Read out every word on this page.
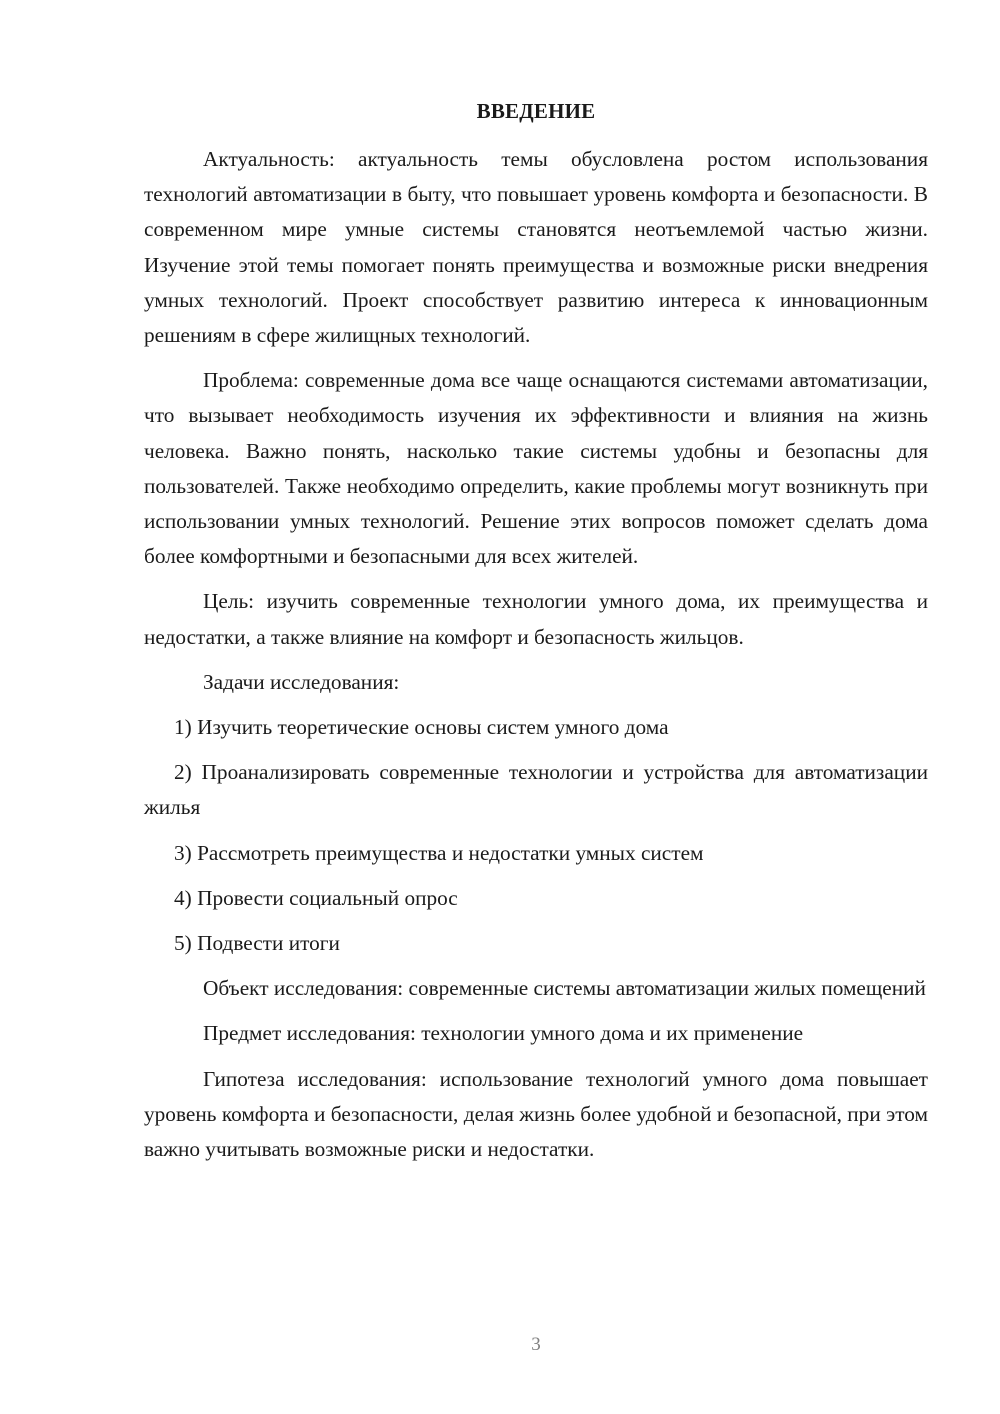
ВВЕДЕНИЕ

Актуальность: актуальность темы обусловлена ростом использования технологий автоматизации в быту, что повышает уровень комфорта и безопасности. В современном мире умные системы становятся неотъемлемой частью жизни. Изучение этой темы помогает понять преимущества и возможные риски внедрения умных технологий. Проект способствует развитию интереса к инновационным решениям в сфере жилищных технологий.

Проблема: современные дома все чаще оснащаются системами автоматизации, что вызывает необходимость изучения их эффективности и влияния на жизнь человека. Важно понять, насколько такие системы удобны и безопасны для пользователей. Также необходимо определить, какие проблемы могут возникнуть при использовании умных технологий. Решение этих вопросов поможет сделать дома более комфортными и безопасными для всех жителей.

Цель: изучить современные технологии умного дома, их преимущества и недостатки, а также влияние на комфорт и безопасность жильцов.

Задачи исследования:

1) Изучить теоретические основы систем умного дома

2) Проанализировать современные технологии и устройства для автоматизации жилья

3) Рассмотреть преимущества и недостатки умных систем

4) Провести социальный опрос

5) Подвести итоги

Объект исследования: современные системы автоматизации жилых помещений

Предмет исследования: технологии умного дома и их применение

Гипотеза исследования: использование технологий умного дома повышает уровень комфорта и безопасности, делая жизнь более удобной и безопасной, при этом важно учитывать возможные риски и недостатки.

3
